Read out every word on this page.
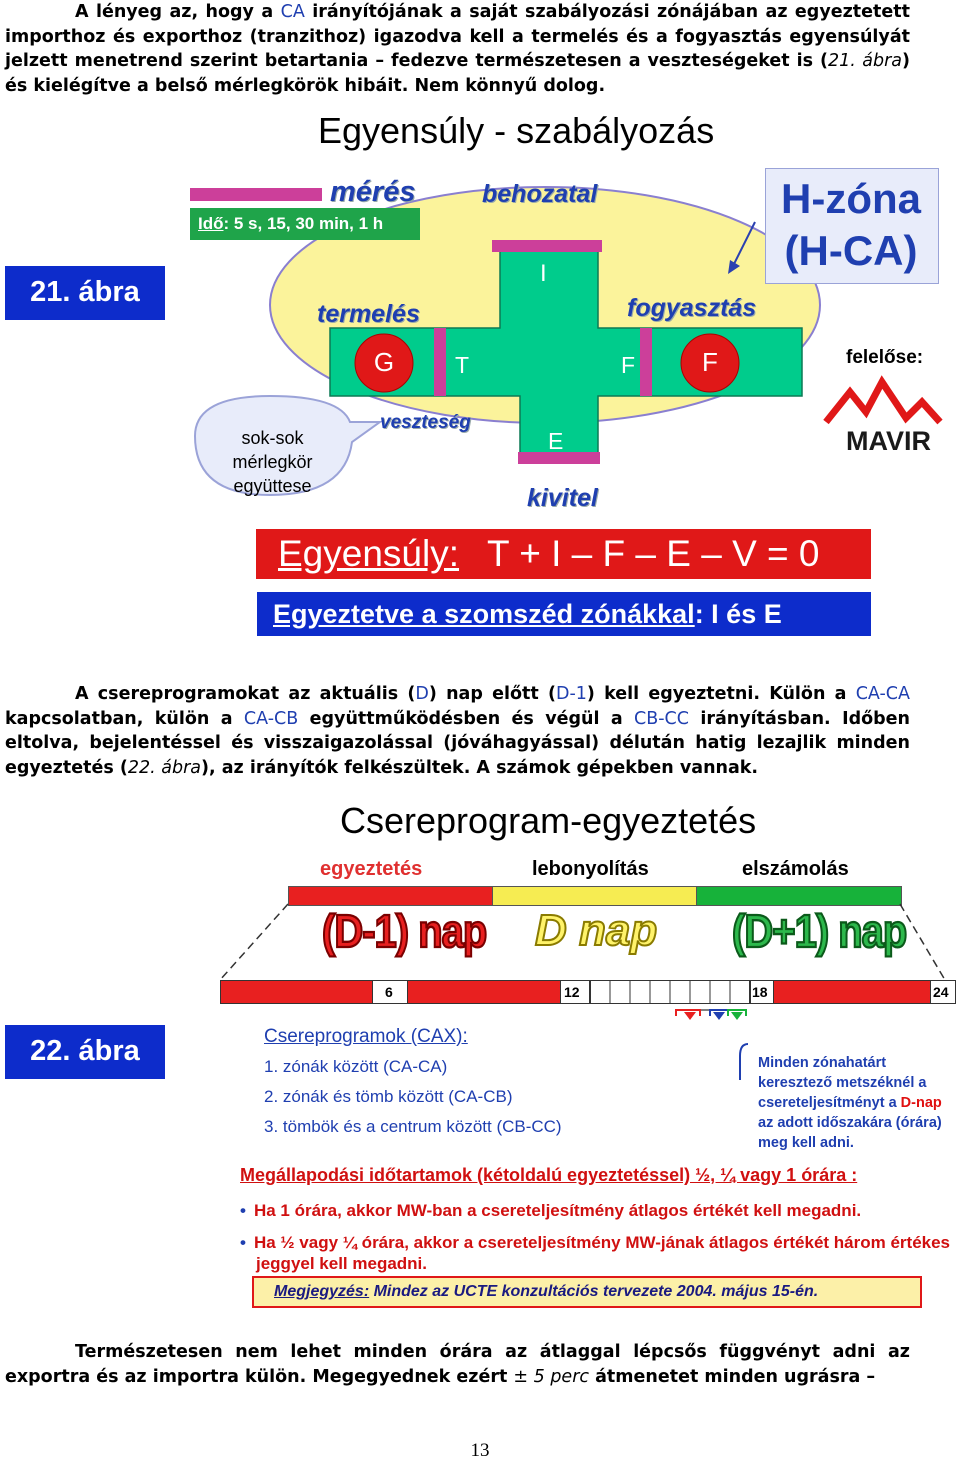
A lényeg az, hogy a CA irányítójának a saját szabályozási zónájában az egyeztetett importhoz és exporthoz (tranzithoz) igazodva kell a termelés és a fogyasztás egyensúlyát jelzett menetrend szerint betartania – fedezve természetesen a veszteségeket is (21. ábra) és kielégítve a belső mérlegkörök hibáit. Nem könnyű dolog.
Egyensúly - szabályozás
21. ábra
H-zóna
(H-CA)
mérés
Idő: 5 s, 15, 30 min, 1 h
behozatal
I
termelés	fogyasztás
G	T	F	F	felelőse:
MAVIR
sok-sok
mérlegkör
együttese
veszteség V E
kivitel
Egyensúly: T + I – F – E – V = 0
Egyeztetve a szomszéd zónákkal: I és E
A csereprogramokat az aktuális (D) nap előtt (D-1) kell egyeztetni. Külön a CA-CA kapcsolatban, külön a CA-CB együttműködésben és végül a CB-CC irányításban. Időben eltolva, bejelentéssel és visszaigazolással (jóváhagyással) délután hatig lezajlik minden egyeztetés (22. ábra), az irányítók felkészültek. A számok gépekben vannak.
Csereprogram-egyeztetés
egyeztetés	lebonyolítás	elszámolás
(D-1) nap D nap (D+1) nap
6	12	18	24
22. ábra	Csereprogramok (CAX):
1. zónák között (CA-CA)
2. zónák és tömb között (CA-CB)
3. tömbök és a centrum között (CB-CC)
Minden zónahatárt keresztező metszéknél a csereteljesítményt a D-nap az adott időszakára (órára) meg kell adni.
Megállapodási időtartamok (kétoldalú egyeztetéssel) ½, ¼ vagy 1 órára :
• Ha 1 órára, akkor MW-ban a csereteljesítmény átlagos értékét kell megadni.
• Ha ½ vagy ¼ órára, akkor a csereteljesítmény MW-jának átlagos értékét három értékes jeggyel kell megadni.
Megjegyzés: Mindez az UCTE konzultációs tervezete 2004. május 15-én.
Természetesen nem lehet minden órára az átlaggal lépcsős függvényt adni az exportra és az importra külön. Megegyednek ezért ± 5 perc átmenetet minden ugrásra –
13
